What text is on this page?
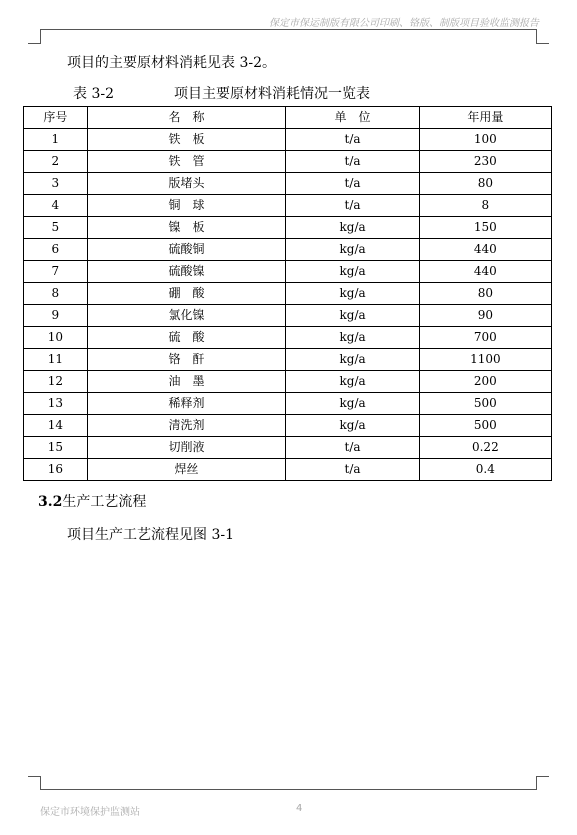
保定市保运制版有限公司印刷、铬版、制版项目验收监测报告
项目的主要原材料消耗见表 3-2。
表 3-2	项目主要原材料消耗情况一览表
序号	名　称	单　位	年用量
1	铁　板	t/a	100
2	铁　管	t/a	230
3	版堵头	t/a	80
4	铜　球	t/a	8
5	镍　板	kg/a	150
6	硫酸铜	kg/a	440
7	硫酸镍	kg/a	440
8	硼　酸	kg/a	80
9	氯化镍	kg/a	90
10	硫　酸	kg/a	700
11	铬　酐	kg/a	1100
12	油　墨	kg/a	200
13	稀释剂	kg/a	500
14	清洗剂	kg/a	500
15	切削液	t/a	0.22
16	焊丝	t/a	0.4
3.2生产工艺流程
项目生产工艺流程见图 3-1
保定市环境保护监测站	4
